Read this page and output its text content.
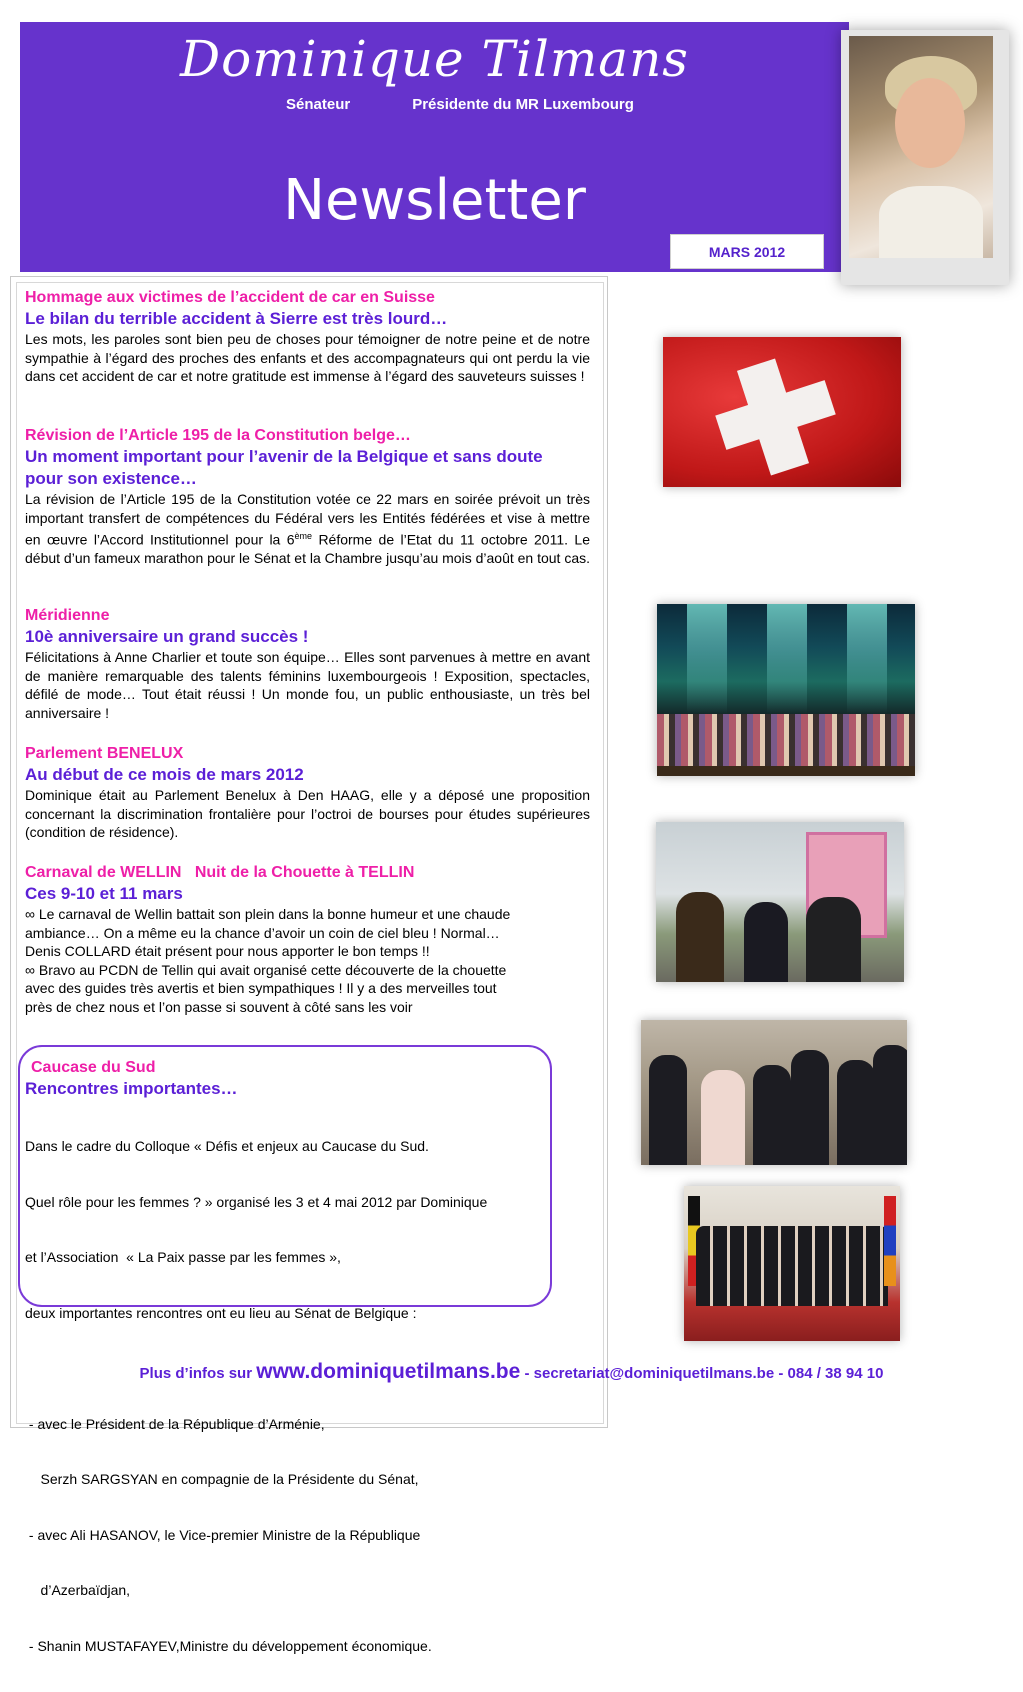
Dominique Tilmans
Sénateur	Présidente du MR Luxembourg
Newsletter
MARS 2012
Hommage aux victimes de l’accident de car en Suisse
Le bilan du terrible accident à Sierre est très lourd…
Les mots, les paroles sont bien peu de choses pour témoigner de notre peine et de notre sympathie à l’égard des proches des enfants et des accompagnateurs qui ont perdu la vie dans cet accident de car et notre gratitude est immense à l’égard des sauveteurs suisses !
Révision de l’Article 195 de la Constitution belge…
Un moment important pour l’avenir de la Belgique et sans doute pour son existence…
La révision de l’Article 195 de la Constitution votée ce 22 mars en soirée prévoit un très important transfert de compétences du Fédéral vers les Entités fédérées et vise à mettre en œuvre l’Accord Institutionnel pour la 6ème Réforme de l’Etat du 11 octobre 2011. Le début d’un fameux marathon pour le Sénat et la Chambre jusqu’au mois d’août en tout cas.
Méridienne
10è anniversaire un grand succès !
Félicitations à Anne Charlier et toute son équipe… Elles sont parvenues à mettre en avant de manière remarquable des talents féminins luxembourgeois ! Exposition, spectacles, défilé de mode… Tout était réussi ! Un monde fou, un public enthousiaste, un très bel anniversaire !
Parlement BENELUX
Au début de ce mois de mars 2012
Dominique était au Parlement Benelux à Den HAAG, elle y a déposé une proposition concernant la discrimination frontalière pour l’octroi de bourses pour études supérieures (condition de résidence).
Carnaval de WELLIN   Nuit de la Chouette à TELLIN
Ces 9-10 et 11 mars
∞ Le carnaval de Wellin battait son plein dans la bonne humeur et une chaude
ambiance… On a même eu la chance d’avoir un coin de ciel bleu ! Normal…
Denis COLLARD était présent pour nous apporter le bon temps !!
∞ Bravo au PCDN de Tellin qui avait organisé cette découverte de la chouette
avec des guides très avertis et bien sympathiques ! Il y a des merveilles tout
près de chez nous et l’on passe si souvent à côté sans les voir
Caucase du Sud
Rencontres importantes…

Dans le cadre du Colloque « Défis et enjeux au Caucase du Sud.

Quel rôle pour les femmes ? » organisé les 3 et 4 mai 2012 par Dominique

et l’Association  « La Paix passe par les femmes »,

deux importantes rencontres ont eu lieu au Sénat de Belgique :

- avec le Président de la République d’Arménie,

Serzh SARGSYAN en compagnie de la Présidente du Sénat,

- avec Ali HASANOV, le Vice-premier Ministre de la République

d’Azerbaïdjan,

- Shanin MUSTAFAYEV,Ministre du développement économique.

Plus d’infos sur www.dominiquetilmans.be - secretariat@dominiquetilmans.be - 084 / 38 94 10
